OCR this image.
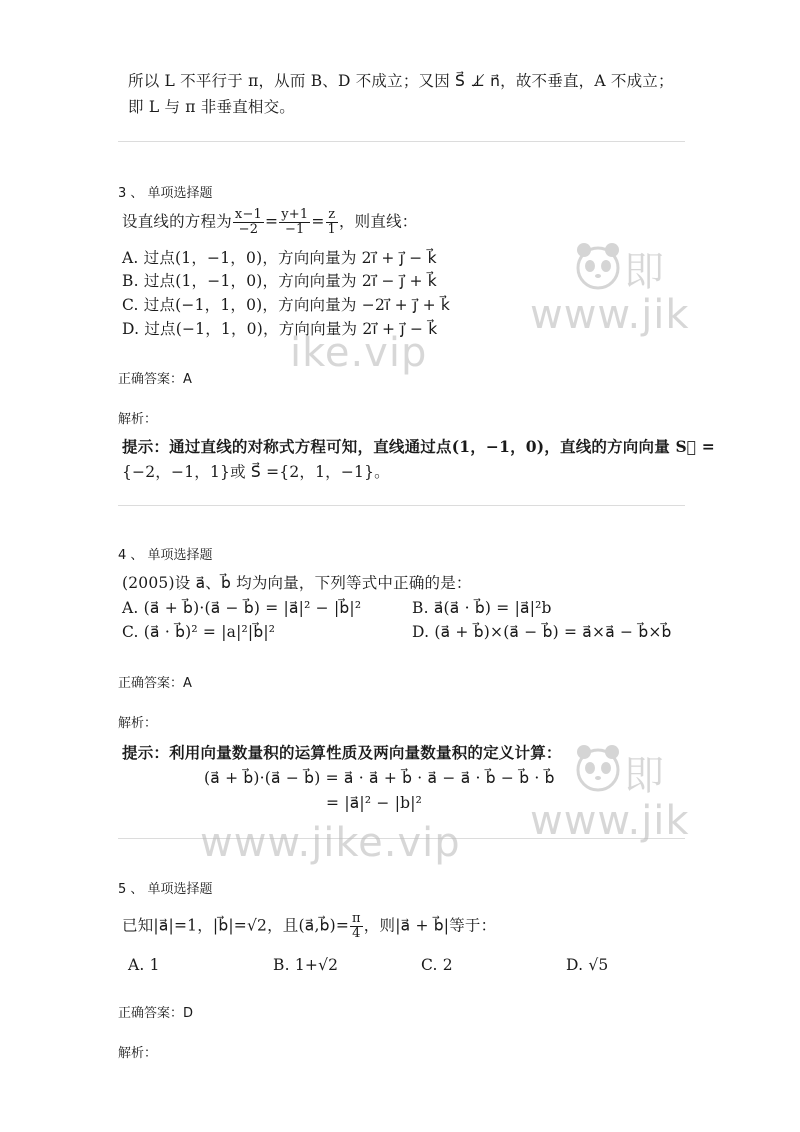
所以 L 不平行于 π，从而 B、D 不成立；又因 S⃗ ⊥̸ n⃗，故不垂直，A 不成立；
即 L 与 π 非垂直相交。
3 、 单项选择题
设直线的方程为 $\frac{x-1}{-2} = \frac{y+1}{-1} = \frac{z}{1}$ ，则直线：
A. 过点(1，−1，0)，方向向量为 2i⃗ + j⃗ − k⃗
B. 过点(1，−1，0)，方向向量为 2i⃗ − j⃗ + k⃗
C. 过点(−1，1，0)，方向向量为 −2i⃗ + j⃗ + k⃗
D. 过点(−1，1，0)，方向向量为 2i⃗ + j⃗ − k⃗
正确答案：A
解析：
提示：通过直线的对称式方程可知，直线通过点(1，−1，0)，直线的方向向量 S⃗ =
{−2，−1，1}或 S⃗ ={2，1，−1}。
4 、 单项选择题
(2005)设 a⃗、b⃗ 均为向量，下列等式中正确的是：
A. (a⃗ + b⃗)·(a⃗ − b⃗) = |a⃗|² − |b⃗|²	B. a⃗(a⃗ · b⃗) = |a⃗|²b
C. (a⃗ · b⃗)² = |a|²|b⃗|²	D. (a⃗ + b⃗)×(a⃗ − b⃗) = a⃗×a⃗ − b⃗×b⃗
正确答案：A
解析：
提示：利用向量数量积的运算性质及两向量数量积的定义计算：
(a⃗ + b⃗)·(a⃗ − b⃗) = a⃗ · a⃗ + b⃗ · a⃗ − a⃗ · b⃗ − b⃗ · b⃗
= |a⃗|² − |b|²
5 、 单项选择题
已知|a⃗|=1，|b⃗|=√2，且(a⃗,b⃗)= $\frac{\pi}{4}$ ，则|a⃗ + b⃗|等于：
A. 1	B. 1+√2	C. 2	D. √5
正确答案：D
解析：
即
www.jik
ike.vip
即
www.jik
www.jike.vip
